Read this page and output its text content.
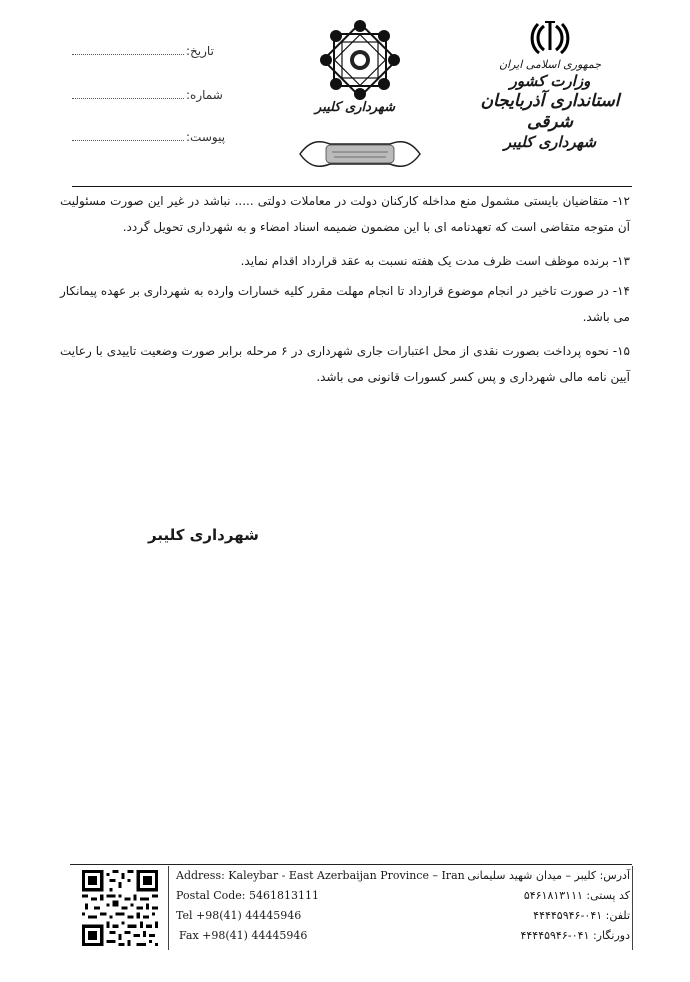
تاریخ:
شماره:
پیوست:
شهرداری کلیبر
جمهوری اسلامی ایران
وزارت کشور
استانداری آذربایجان شرقی
شهرداری کلیبر

۱۲- متقاضیان بایستی مشمول منع مداخله کارکنان دولت در معاملات دولتی ..... نباشد در غیر این صورت مسئولیت آن متوجه متقاضی است که تعهدنامه ای با این مضمون ضمیمه اسناد امضاء و به شهرداری تحویل گردد.

۱۳- برنده موظف است ظرف مدت یک هفته نسبت به عقد قرارداد اقدام نماید.

۱۴- در صورت تاخیر در انجام موضوع قرارداد تا انجام مهلت مقرر کلیه خسارات وارده به شهرداری بر عهده پیمانکار می باشد.

۱۵- نحوه پرداخت بصورت نقدی از محل اعتبارات جاری شهرداری در ۶ مرحله برابر صورت وضعیت تاییدی با رعایت آیین نامه مالی شهرداری و پس کسر کسورات قانونی می باشد.

شهرداری کلیبر
Address: Kaleybar - East Azerbaijan Province – Iran
Postal Code: 5461813111
Tel +98(41) 44445946
Fax +98(41) 44445946
آدرس: کلیبر – میدان شهید سلیمانی
کد پستی: ۵۴۶۱۸۱۳۱۱۱
تلفن: ۰۴۱-۴۴۴۴۵۹۴۶
دورنگار: ۰۴۱-۴۴۴۴۵۹۴۶
